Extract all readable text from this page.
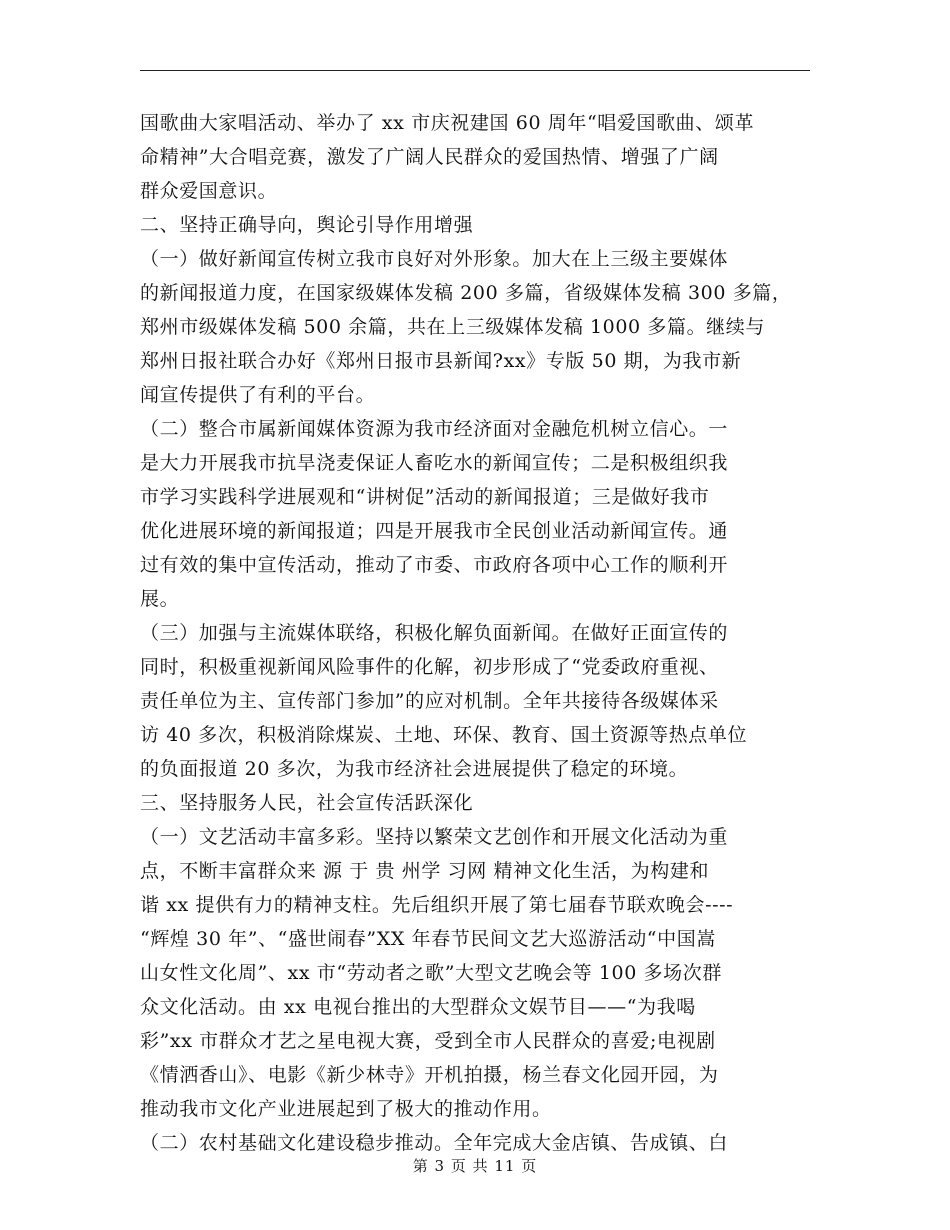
国歌曲大家唱活动、举办了 xx 市庆祝建国 60 周年“唱爱国歌曲、颂革
命精神”大合唱竞赛，激发了广阔人民群众的爱国热情、增强了广阔
群众爱国意识。
二、坚持正确导向，舆论引导作用增强
（一）做好新闻宣传树立我市良好对外形象。加大在上三级主要媒体
的新闻报道力度，在国家级媒体发稿 200 多篇，省级媒体发稿 300 多篇，
郑州市级媒体发稿 500 余篇，共在上三级媒体发稿 1000 多篇。继续与
郑州日报社联合办好《郑州日报市县新闻?xx》专版 50 期，为我市新
闻宣传提供了有利的平台。
（二）整合市属新闻媒体资源为我市经济面对金融危机树立信心。一
是大力开展我市抗旱浇麦保证人畜吃水的新闻宣传；二是积极组织我
市学习实践科学进展观和“讲树促”活动的新闻报道；三是做好我市
优化进展环境的新闻报道；四是开展我市全民创业活动新闻宣传。通
过有效的集中宣传活动，推动了市委、市政府各项中心工作的顺利开
展。
（三）加强与主流媒体联络，积极化解负面新闻。在做好正面宣传的
同时，积极重视新闻风险事件的化解，初步形成了“党委政府重视、
责任单位为主、宣传部门参加”的应对机制。全年共接待各级媒体采
访 40 多次，积极消除煤炭、土地、环保、教育、国土资源等热点单位
的负面报道 20 多次，为我市经济社会进展提供了稳定的环境。
三、坚持服务人民，社会宣传活跃深化
（一）文艺活动丰富多彩。坚持以繁荣文艺创作和开展文化活动为重
点，不断丰富群众来 源 于 贵 州学 习网 精神文化生活，为构建和
谐 xx 提供有力的精神支柱。先后组织开展了第七届春节联欢晚会----
“辉煌 30 年”、“盛世闹春”XX 年春节民间文艺大巡游活动“中国嵩
山女性文化周”、xx 市“劳动者之歌”大型文艺晚会等 100 多场次群
众文化活动。由 xx 电视台推出的大型群众文娱节目——“为我喝
彩”xx 市群众才艺之星电视大赛，受到全市人民群众的喜爱;电视剧
《情洒香山》、电影《新少林寺》开机拍摄，杨兰春文化园开园，为
推动我市文化产业进展起到了极大的推动作用。
（二）农村基础文化建设稳步推动。全年完成大金店镇、告成镇、白
第 3 页 共 11 页
